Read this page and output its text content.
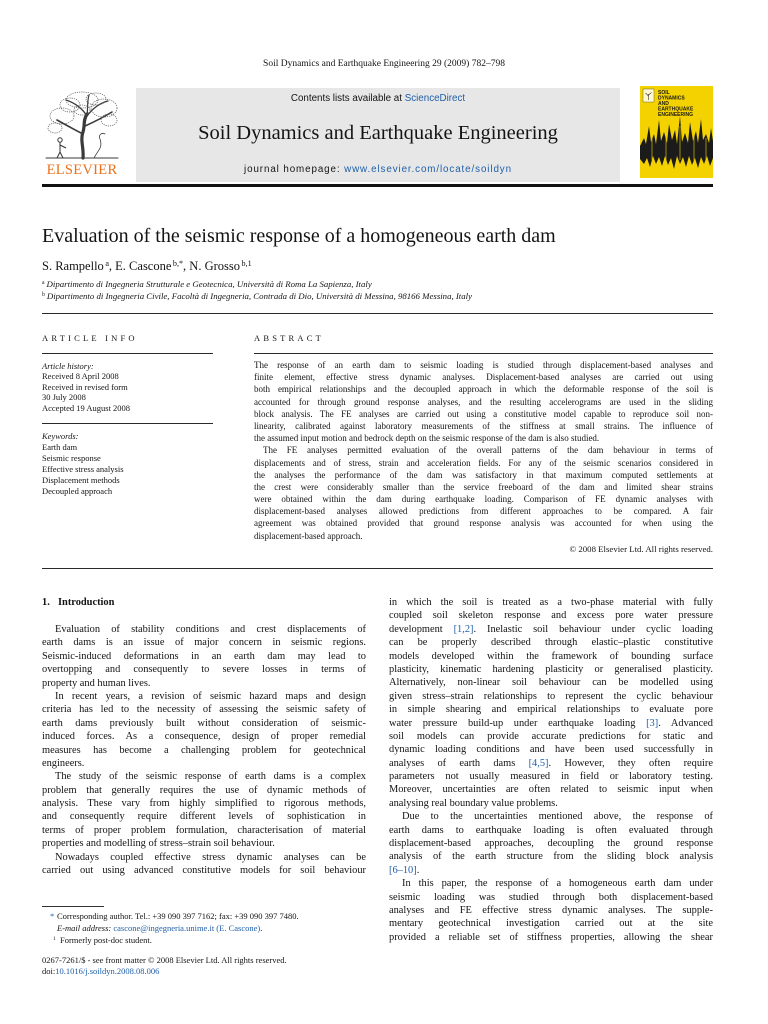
Soil Dynamics and Earthquake Engineering 29 (2009) 782–798
ELSEVIER
Contents lists available at ScienceDirect
Soil Dynamics and Earthquake Engineering
journal homepage: www.elsevier.com/locate/soildyn
SOIL
DYNAMICS
AND
EARTHQUAKE
ENGINEERING
Evaluation of the seismic response of a homogeneous earth dam
S. Rampello $^a$, E. Cascone $^{b,*}$, N. Grosso $^{b,1}$
$^a$ Dipartimento di Ingegneria Strutturale e Geotecnica, Università di Roma La Sapienza, Italy
$^b$ Dipartimento di Ingegneria Civile, Facoltà di Ingegneria, Contrada di Dio, Università di Messina, 98166 Messina, Italy
ARTICLE INFO	ABSTRACT
Article history:
Received 8 April 2008
Received in revised form
30 July 2008
Accepted 19 August 2008
Keywords:
Earth dam
Seismic response
Effective stress analysis
Displacement methods
Decoupled approach
The response of an earth dam to seismic loading is studied through displacement-based analyses and
finite element, effective stress dynamic analyses. Displacement-based analyses are carried out using
both empirical relationships and the decoupled approach in which the deformable response of the soil is
accounted for through ground response analyses, and the resulting accelerograms are used in the sliding
block analysis. The FE analyses are carried out using a constitutive model capable to reproduce soil non-
linearity, calibrated against laboratory measurements of the stiffness at small strains. The influence of
the assumed input motion and bedrock depth on the seismic response of the dam is also studied.
The FE analyses permitted evaluation of the overall patterns of the dam behaviour in terms of
displacements and of stress, strain and acceleration fields. For any of the seismic scenarios considered in
the analyses the performance of the dam was satisfactory in that maximum computed settlements at
the crest were considerably smaller than the service freeboard of the dam and limited shear strains
were obtained within the dam during earthquake loading. Comparison of FE dynamic analyses with
displacement-based analyses allowed predictions from different approaches to be compared. A fair
agreement was obtained provided that ground response analysis was accounted for when using the
displacement-based approach.
© 2008 Elsevier Ltd. All rights reserved.
1. Introduction
Evaluation of stability conditions and crest displacements of
earth dams is an issue of major concern in seismic regions.
Seismic-induced deformations in an earth dam may lead to
overtopping and consequently to severe losses in terms of
property and human lives.
In recent years, a revision of seismic hazard maps and design
criteria has led to the necessity of assessing the seismic safety of
earth dams previously built without consideration of seismic-
induced forces. As a consequence, design of proper remedial
measures has become a challenging problem for geotechnical
engineers.
The study of the seismic response of earth dams is a complex
problem that generally requires the use of dynamic methods of
analysis. These vary from highly simplified to rigorous methods,
and consequently require different levels of sophistication in
terms of proper problem formulation, characterisation of material
properties and modelling of stress–strain soil behaviour.
Nowadays coupled effective stress dynamic analyses can be
carried out using advanced constitutive models for soil behaviour
in which the soil is treated as a two-phase material with fully
coupled soil skeleton response and excess pore water pressure
development [1,2]. Inelastic soil behaviour under cyclic loading
can be properly described through elastic–plastic constitutive
models developed within the framework of bounding surface
plasticity, kinematic hardening plasticity or generalised plasticity.
Alternatively, non-linear soil behaviour can be modelled using
given stress–strain relationships to represent the cyclic behaviour
in simple shearing and empirical relationships to evaluate pore
water pressure build-up under earthquake loading [3]. Advanced
soil models can provide accurate predictions for static and
dynamic loading conditions and have been used successfully in
analyses of earth dams [4,5]. However, they often require
parameters not usually measured in field or laboratory testing.
Moreover, uncertainties are often related to seismic input when
analysing real boundary value problems.
Due to the uncertainties mentioned above, the response of
earth dams to earthquake loading is often evaluated through
displacement-based approaches, decoupling the ground response
analysis of the earth structure from the sliding block analysis
[6–10].
In this paper, the response of a homogeneous earth dam under
seismic loading was studied through both displacement-based
analyses and FE effective stress dynamic analyses. The supple-
mentary geotechnical investigation carried out at the site
provided a reliable set of stiffness properties, allowing the shear
* Corresponding author. Tel.: +39 090 397 7162; fax: +39 090 397 7480.
E-mail address: cascone@ingegneria.unime.it (E. Cascone).
$^1$ Formerly post-doc student.
0267-7261/$ - see front matter © 2008 Elsevier Ltd. All rights reserved.
doi:10.1016/j.soildyn.2008.08.006
